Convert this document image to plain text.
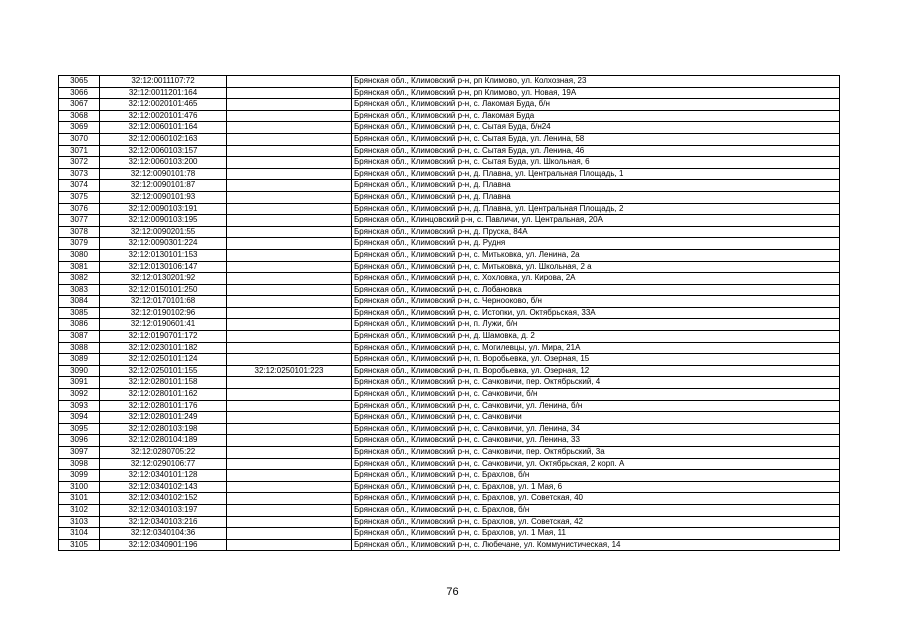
3065	32:12:0011107:72		Брянская обл., Климовский р-н, рп Климово, ул. Колхозная, 23
3066	32:12:0011201:164		Брянская обл., Климовский р-н, рп Климово, ул. Новая, 19А
3067	32:12:0020101:465		Брянская обл., Климовский р-н, с. Лакомая Буда, б/н
3068	32:12:0020101:476		Брянская обл., Климовский р-н, с. Лакомая Буда
3069	32:12:0060101:164		Брянская обл., Климовский р-н, с. Сытая Буда, б/н24
3070	32:12:0060102:163		Брянская обл., Климовский р-н, с. Сытая Буда, ул. Ленина, 58
3071	32:12:0060103:157		Брянская обл., Климовский р-н, с. Сытая Буда, ул. Ленина, 46
3072	32:12:0060103:200		Брянская обл., Климовский р-н, с. Сытая Буда, ул. Школьная, 6
3073	32:12:0090101:78		Брянская обл., Климовский р-н, д. Плавна, ул. Центральная Площадь, 1
3074	32:12:0090101:87		Брянская обл., Климовский р-н, д. Плавна
3075	32:12:0090101:93		Брянская обл., Климовский р-н, д. Плавна
3076	32:12:0090103:191		Брянская обл., Климовский р-н, д. Плавна, ул. Центральная Площадь, 2
3077	32:12:0090103:195		Брянская обл., Клинцовский р-н, с. Павличи, ул. Центральная, 20А
3078	32:12:0090201:55		Брянская обл., Климовский р-н, д. Пруска, 84А
3079	32:12:0090301:224		Брянская обл., Климовский р-н, д. Рудня
3080	32:12:0130101:153		Брянская обл., Климовский р-н, с. Митьковка, ул. Ленина, 2а
3081	32:12:0130106:147		Брянская обл., Климовский р-н, с. Митьковка, ул. Школьная, 2 а
3082	32:12:0130201:92		Брянская обл., Климовский р-н, с. Хохловка, ул. Кирова, 2А
3083	32:12:0150101:250		Брянская обл., Климовский р-н, с. Лобановка
3084	32:12:0170101:68		Брянская обл., Климовский р-н, с. Чернооково, б/н
3085	32:12:0190102:96		Брянская обл., Климовский р-н, с. Истопки, ул. Октябрьская, 33А
3086	32:12:0190601:41		Брянская обл., Климовский р-н, п. Лужи, б/н
3087	32:12:0190701:172		Брянская обл., Климовский р-н, д. Шамовка, д. 2
3088	32:12:0230101:182		Брянская обл., Климовский р-н, с. Могилевцы, ул. Мира, 21А
3089	32:12:0250101:124		Брянская обл., Климовский р-н, п. Воробьевка, ул. Озерная, 15
3090	32:12:0250101:155	32:12:0250101:223	Брянская обл., Климовский р-н, п. Воробьевка, ул. Озерная, 12
3091	32:12:0280101:158		Брянская обл., Климовский р-н, с. Сачковичи, пер. Октябрьский, 4
3092	32:12:0280101:162		Брянская обл., Климовский р-н, с. Сачковичи, б/н
3093	32:12:0280101:176		Брянская обл., Климовский р-н, с. Сачковичи, ул. Ленина, б/н
3094	32:12:0280101:249		Брянская обл., Климовский р-н, с. Сачковичи
3095	32:12:0280103:198		Брянская обл., Климовский р-н, с. Сачковичи, ул. Ленина, 34
3096	32:12:0280104:189		Брянская обл., Климовский р-н, с. Сачковичи, ул. Ленина, 33
3097	32:12:0280705:22		Брянская обл., Климовский р-н, с. Сачковичи, пер. Октябрьский, 3а
3098	32:12:0290106:77		Брянская обл., Климовский р-н, с. Сачковичи, ул. Октябрьская, 2 корп. А
3099	32:12:0340101:128		Брянская обл., Климовский р-н, с. Брахлов, б/н
3100	32:12:0340102:143		Брянская обл., Климовский р-н, с. Брахлов, ул. 1 Мая, 6
3101	32:12:0340102:152		Брянская обл., Климовский р-н, с. Брахлов, ул. Советская, 40
3102	32:12:0340103:197		Брянская обл., Климовский р-н, с. Брахлов, б/н
3103	32:12:0340103:216		Брянская обл., Климовский р-н, с. Брахлов, ул. Советская, 42
3104	32:12:0340104:36		Брянская обл., Климовский р-н, с. Брахлов, ул. 1 Мая, 11
3105	32:12:0340901:196		Брянская обл., Климовский р-н, с. Любечане, ул. Коммунистическая, 14
76
